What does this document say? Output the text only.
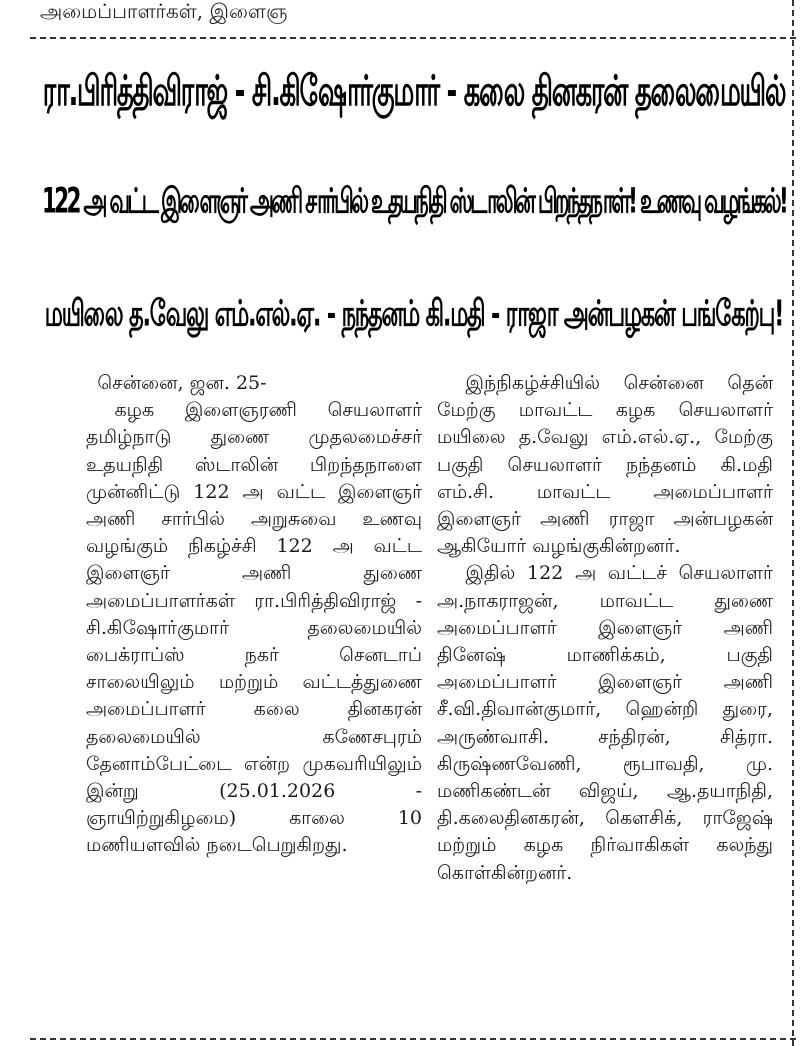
அமைப்பாளர்கள், இளைஞ
ரா.பிரித்திவிராஜ் - சி.கிஷோர்குமார் - கலை தினகரன் தலைமையில்
122 அ வட்ட இளைஞர் அணி சார்பில் உதயநிதி ஸ்டாலின் பிறந்தநாள்! உணவு வழங்கல்!
மயிலை த.வேலு எம்.எல்.ஏ. - நந்தனம் கி.மதி - ராஜா அன்பழகன் பங்கேற்பு!

சென்னை, ஜன. 25-

கழக இளைஞரணி செயலாளர் தமிழ்நாடு துணை முதலமைச்சர் உதயநிதி ஸ்டாலின் பிறந்தநாளை முன்னிட்டு 122 அ வட்ட இளைஞர் அணி சார்பில் அறுசுவை உணவு வழங்கும் நிகழ்ச்சி 122 அ வட்ட இளைஞர் அணி துணை அமைப்பாளர்கள் ரா.பிரித்திவிராஜ் - சி.கிஷோர்குமார் தலைமையில் பைக்ராப்ஸ் நகர் செனடாப் சாலையிலும் மற்றும் வட்டத்துணை அமைப்பாளர் கலை தினகரன் தலைமையில் கணேசபுரம் தேனாம்பேட்டை என்ற முகவரியிலும் இன்று (25.01.2026 - ஞாயிற்றுகிழமை) காலை 10 மணியளவில் நடைபெறுகிறது.

இந்நிகழ்ச்சியில் சென்னை தென் மேற்கு மாவட்ட கழக செயலாளர் மயிலை த.வேலு எம்.எல்.ஏ., மேற்கு பகுதி செயலாளர் நந்தனம் கி.மதி எம்.சி. மாவட்ட அமைப்பாளர் இளைஞர் அணி ராஜா அன்பழகன் ஆகியோர் வழங்குகின்றனர்.

இதில் 122 அ வட்டச் செயலாளர் அ.நாகராஜன், மாவட்ட துணை அமைப்பாளர் இளைஞர் அணி தினேஷ் மாணிக்கம், பகுதி அமைப்பாளர் இளைஞர் அணி சீ.வி.திவான்குமார், ஹென்றி துரை, அருண்வாசி. சந்திரன், சித்ரா. கிருஷ்ணவேணி, ரூபாவதி, மு. மணிகண்டன் விஜய், ஆ.தயாநிதி, தி.கலைதினகரன், கௌசிக், ராஜேஷ் மற்றும் கழக நிர்வாகிகள் கலந்து கொள்கின்றனர்.
